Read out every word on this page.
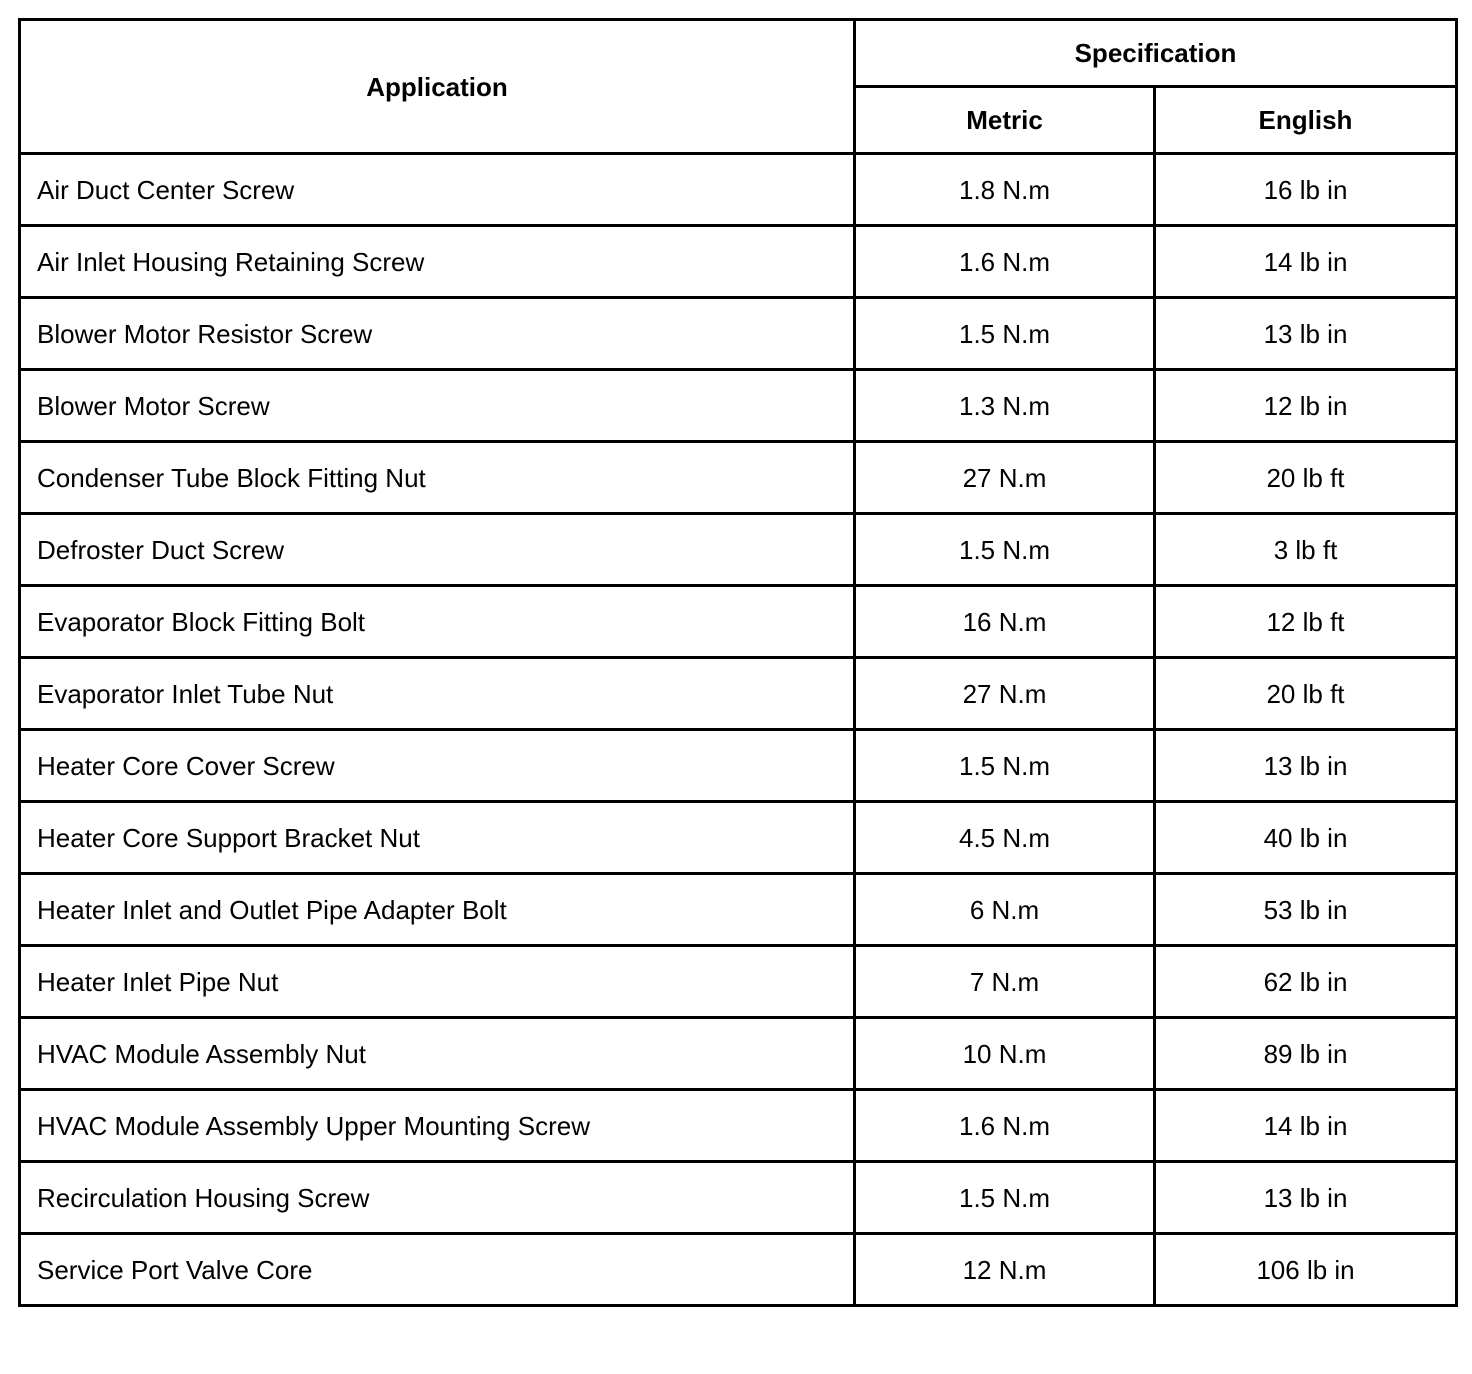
Application	Specification	
	Metric	English
Air Duct Center Screw	1.8 N.m	16 lb in
Air Inlet Housing Retaining Screw	1.6 N.m	14 lb in
Blower Motor Resistor Screw	1.5 N.m	13 lb in
Blower Motor Screw	1.3 N.m	12 lb in
Condenser Tube Block Fitting Nut	27 N.m	20 lb ft
Defroster Duct Screw	1.5 N.m	3 lb ft
Evaporator Block Fitting Bolt	16 N.m	12 lb ft
Evaporator Inlet Tube Nut	27 N.m	20 lb ft
Heater Core Cover Screw	1.5 N.m	13 lb in
Heater Core Support Bracket Nut	4.5 N.m	40 lb in
Heater Inlet and Outlet Pipe Adapter Bolt	6 N.m	53 lb in
Heater Inlet Pipe Nut	7 N.m	62 lb in
HVAC Module Assembly Nut	10 N.m	89 lb in
HVAC Module Assembly Upper Mounting Screw	1.6 N.m	14 lb in
Recirculation Housing Screw	1.5 N.m	13 lb in
Service Port Valve Core	12 N.m	106 lb in
